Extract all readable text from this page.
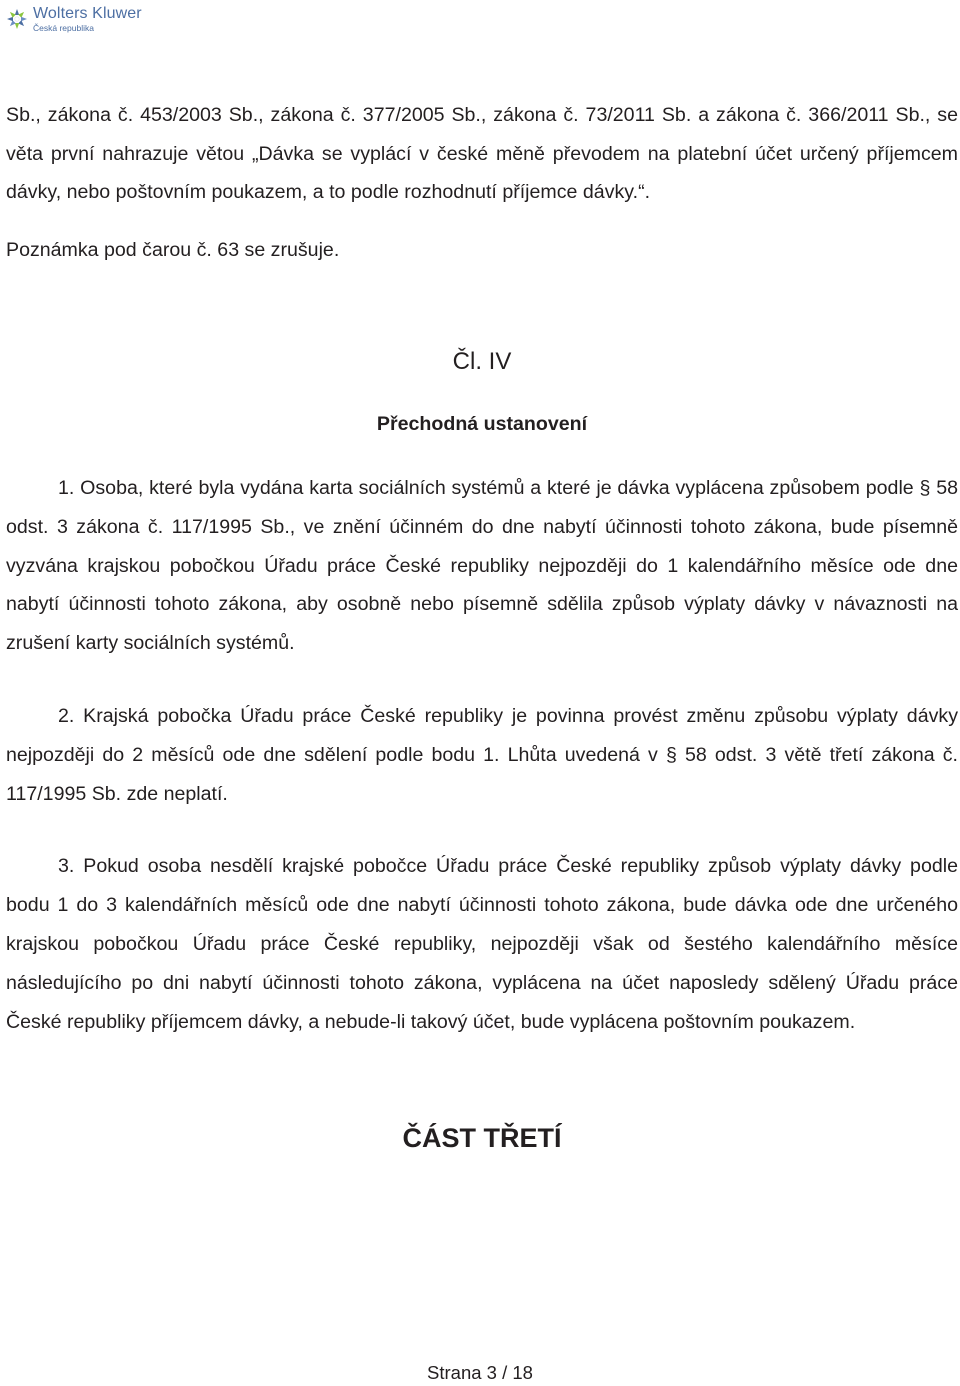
Wolters Kluwer
Česká republika

Sb., zákona č. 453/2003 Sb., zákona č. 377/2005 Sb., zákona č. 73/2011 Sb. a zákona č. 366/2011 Sb., se věta první nahrazuje větou „Dávka se vyplácí v české měně převodem na platební účet určený příjemcem dávky, nebo poštovním poukazem, a to podle rozhodnutí příjemce dávky.“.

Poznámka pod čarou č. 63 se zrušuje.

Čl. IV
Přechodná ustanovení

1. Osoba, které byla vydána karta sociálních systémů a které je dávka vyplácena způsobem podle § 58 odst. 3 zákona č. 117/1995 Sb., ve znění účinném do dne nabytí účinnosti tohoto zákona, bude písemně vyzvána krajskou pobočkou Úřadu práce České republiky nejpozději do 1 kalendářního měsíce ode dne nabytí účinnosti tohoto zákona, aby osobně nebo písemně sdělila způsob výplaty dávky v návaznosti na zrušení karty sociálních systémů.

2. Krajská pobočka Úřadu práce České republiky je povinna provést změnu způsobu výplaty dávky nejpozději do 2 měsíců ode dne sdělení podle bodu 1. Lhůta uvedená v § 58 odst. 3 větě třetí zákona č. 117/1995 Sb. zde neplatí.

3. Pokud osoba nesdělí krajské pobočce Úřadu práce České republiky způsob výplaty dávky podle bodu 1 do 3 kalendářních měsíců ode dne nabytí účinnosti tohoto zákona, bude dávka ode dne určeného krajskou pobočkou Úřadu práce České republiky, nejpozději však od šestého kalendářního měsíce následujícího po dni nabytí účinnosti tohoto zákona, vyplácena na účet naposledy sdělený Úřadu práce České republiky příjemcem dávky, a nebude-li takový účet, bude vyplácena poštovním poukazem.

ČÁST TŘETÍ
Strana 3 / 18
